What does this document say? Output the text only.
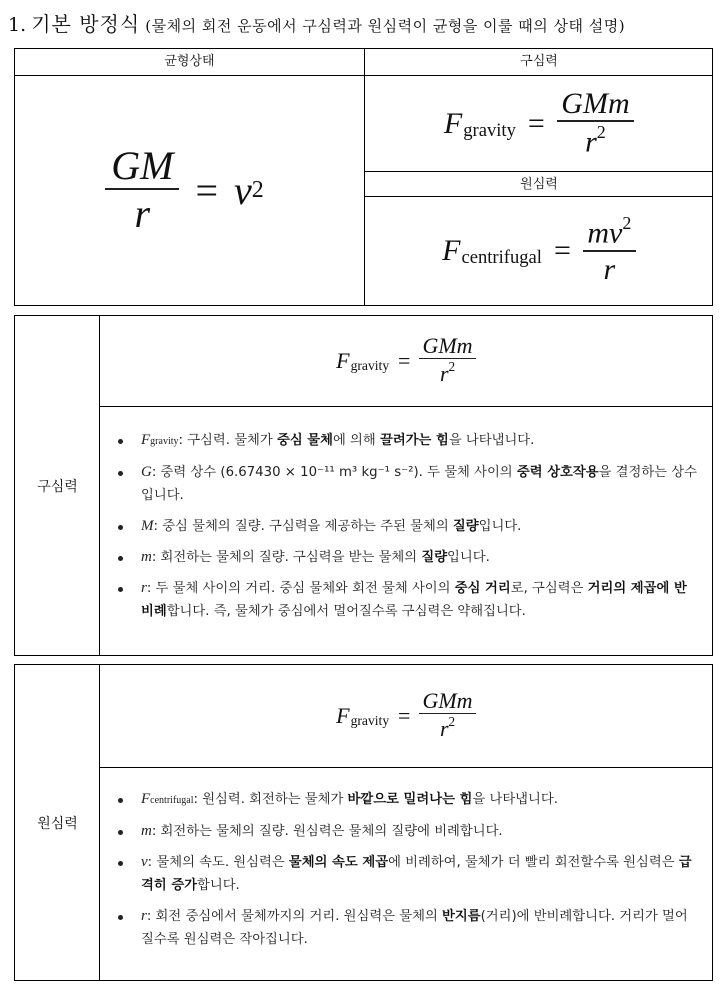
1. 기본 방정식 (물체의 회전 운동에서 구심력과 원심력이 균형을 이룰 때의 상태 설명)
균형상태	구심력
$\frac{GM}{r} = v$ 2
F gravity = $\frac{\text{GMm}}{r^2}$
원심력
F centrifugal = $\frac{mv^2}{r}$
구심력
F gravity = $\frac{\text{GMm}}{r^2}$
Fgravity: 구심력. 물체가 중심 물체에 의해 끌려가는 힘을 나타냅니다.
G: 중력 상수 (6.67430 × 10⁻¹¹ m³ kg⁻¹ s⁻²). 두 물체 사이의 중력 상호작용을 결정하는 상수입니다.
M: 중심 물체의 질량. 구심력을 제공하는 주된 물체의 질량입니다.
m: 회전하는 물체의 질량. 구심력을 받는 물체의 질량입니다.
r: 두 물체 사이의 거리. 중심 물체와 회전 물체 사이의 중심 거리로, 구심력은 거리의 제곱에 반비례합니다. 즉, 물체가 중심에서 멀어질수록 구심력은 약해집니다.
원심력
F gravity = $\frac{\text{GMm}}{r^2}$
Fcentrifugal: 원심력. 회전하는 물체가 바깥으로 밀려나는 힘을 나타냅니다.
m: 회전하는 물체의 질량. 원심력은 물체의 질량에 비례합니다.
v: 물체의 속도. 원심력은 물체의 속도 제곱에 비례하여, 물체가 더 빨리 회전할수록 원심력은 급격히 증가합니다.
r: 회전 중심에서 물체까지의 거리. 원심력은 물체의 반지름(거리)에 반비례합니다. 거리가 멀어질수록 원심력은 작아집니다.
